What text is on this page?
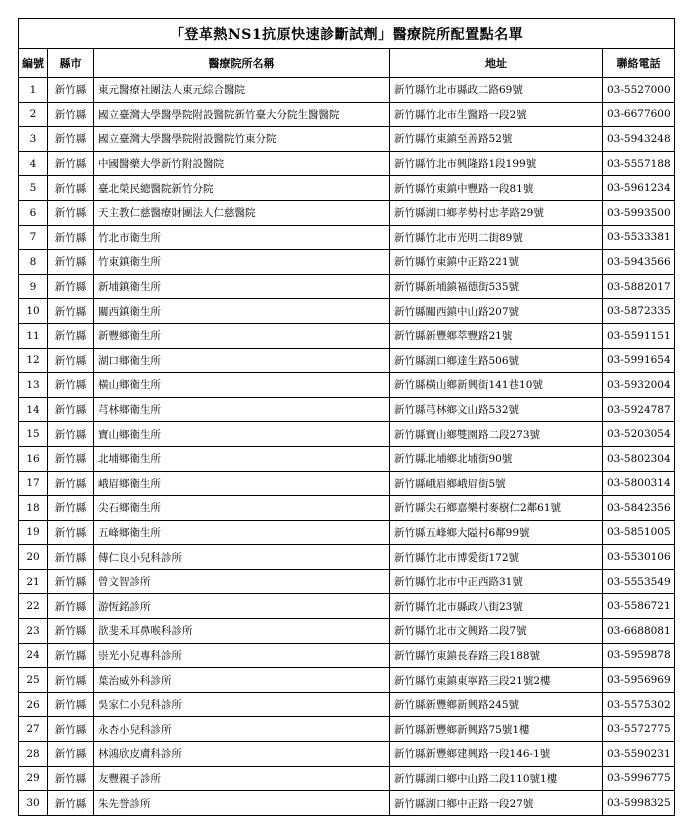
「登革熱NS1抗原快速診斷試劑」醫療院所配置點名單				
編號	縣市	醫療院所名稱	地址	聯絡電話
1	新竹縣	東元醫療社團法人東元綜合醫院	新竹縣竹北市縣政二路69號	03-5527000
2	新竹縣	國立臺灣大學醫學院附設醫院新竹臺大分院生醫醫院	新竹縣竹北市生醫路一段2號	03-6677600
3	新竹縣	國立臺灣大學醫學院附設醫院竹東分院	新竹縣竹東鎮至善路52號	03-5943248
4	新竹縣	中國醫藥大學新竹附設醫院	新竹縣竹北市興隆路1段199號	03-5557188
5	新竹縣	臺北榮民總醫院新竹分院	新竹縣竹東鎮中豐路一段81號	03-5961234
6	新竹縣	天主教仁慈醫療財團法人仁慈醫院	新竹縣湖口鄉孝勢村忠孝路29號	03-5993500
7	新竹縣	竹北市衛生所	新竹縣竹北市光明二街89號	03-5533381
8	新竹縣	竹東鎮衛生所	新竹縣竹東鎮中正路221號	03-5943566
9	新竹縣	新埔鎮衛生所	新竹縣新埔鎮褔德街535號	03-5882017
10	新竹縣	關西鎮衛生所	新竹縣關西鎮中山路207號	03-5872335
11	新竹縣	新豐鄉衛生所	新竹縣新豐鄉萃豐路21號	03-5591151
12	新竹縣	湖口鄉衛生所	新竹縣湖口鄉達生路506號	03-5991654
13	新竹縣	橫山鄉衛生所	新竹縣橫山鄉新興街141巷10號	03-5932004
14	新竹縣	芎林鄉衛生所	新竹縣芎林鄉文山路532號	03-5924787
15	新竹縣	寶山鄉衛生所	新竹縣寶山鄉雙園路二段273號	03-5203054
16	新竹縣	北埔鄉衛生所	新竹縣北埔鄉北埔街90號	03-5802304
17	新竹縣	峨眉鄉衛生所	新竹縣峨眉鄉峨眉街5號	03-5800314
18	新竹縣	尖石鄉衛生所	新竹縣尖石鄉嘉樂村麥樹仁2鄰61號	03-5842356
19	新竹縣	五峰鄉衛生所	新竹縣五峰鄉大隘村6鄰99號	03-5851005
20	新竹縣	傅仁良小兒科診所	新竹縣竹北市博愛街172號	03-5530106
21	新竹縣	曾文智診所	新竹縣竹北市中正西路31號	03-5553549
22	新竹縣	游恆銘診所	新竹縣竹北市縣政八街23號	03-5586721
23	新竹縣	歆斐禾耳鼻喉科診所	新竹縣竹北市文興路二段7號	03-6688081
24	新竹縣	崇光小兒專科診所	新竹縣竹東鎮長春路三段188號	03-5959878
25	新竹縣	葉治威外科診所	新竹縣竹東鎮東寧路三段21號2樓	03-5956969
26	新竹縣	吳家仁小兒科診所	新竹縣新豐鄉新興路245號	03-5575302
27	新竹縣	永杏小兒科診所	新竹縣新豐鄉新興路75號1樓	03-5572775
28	新竹縣	林鴻欣皮膚科診所	新竹縣新豐鄉建興路一段146-1號	03-5590231
29	新竹縣	友豐親子診所	新竹縣湖口鄉中山路二段110號1樓	03-5996775
30	新竹縣	朱先誉診所	新竹縣湖口鄉中正路一段27號	03-5998325
